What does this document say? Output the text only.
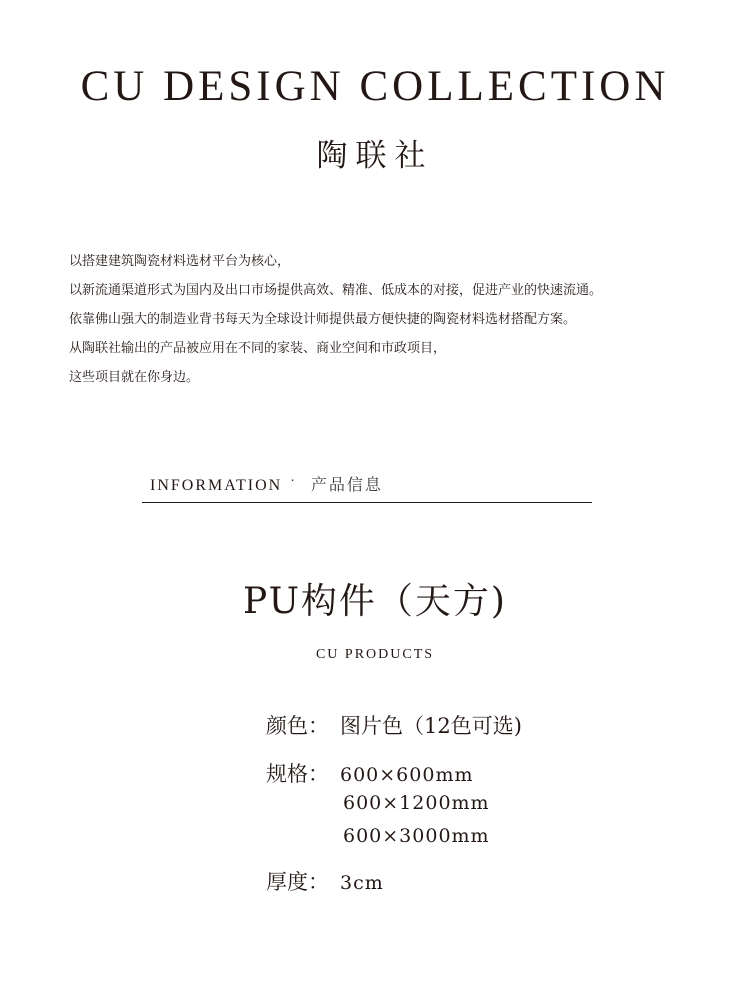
CU DESIGN COLLECTION
陶联社

以搭建建筑陶瓷材料选材平台为核心，

以新流通渠道形式为国内及出口市场提供高效、精准、低成本的对接，促进产业的快速流通。

依靠佛山强大的制造业背书每天为全球设计师提供最方便快捷的陶瓷材料选材搭配方案。

从陶联社输出的产品被应用在不同的家装、商业空间和市政项目，

这些项目就在你身边。

INFORMATION · 产品信息
PU构件（天方)
CU PRODUCTS
颜色： 图片色（12色可选)
规格： 600×600mm
600×1200mm
600×3000mm
厚度： 3cm
